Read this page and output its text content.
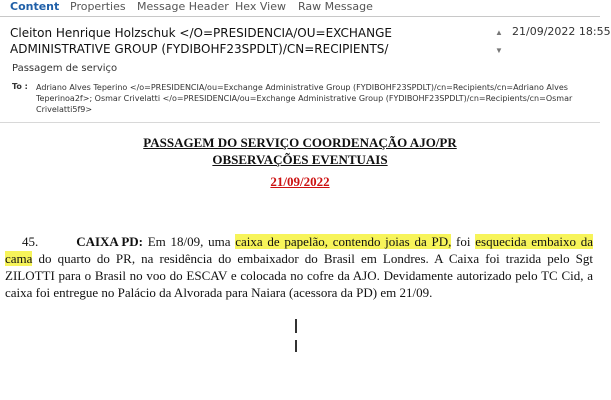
Content Properties Message Header Hex View Raw Message
Cleiton Henrique Holzschuk </O=PRESIDENCIA/OU=EXCHANGE ADMINISTRATIVE GROUP (FYDIBOHF23SPDLT)/CN=RECIPIENTS/
▲
▼
21/09/2022 18:55
Passagem de serviço
To : Adriano Alves Teperino </o=PRESIDENCIA/ou=Exchange Administrative Group (FYDIBOHF23SPDLT)/cn=Recipients/cn=Adriano Alves Teperinoa2f>; Osmar Crivelatti </o=PRESIDENCIA/ou=Exchange Administrative Group (FYDIBOHF23SPDLT)/cn=Recipients/cn=Osmar Crivelatti5f9>
PASSAGEM DO SERVIÇO COORDENAÇÃO AJO/PR
OBSERVAÇÕES EVENTUAIS
21/09/2022
45.	CAIXA PD: Em 18/09, uma caixa de papelão, contendo joias da PD, foi esquecida embaixo da cama do quarto do PR, na residência do embaixador do Brasil em Londres. A Caixa foi trazida pelo Sgt ZILOTTI para o Brasil no voo do ESCAV e colocada no cofre da AJO. Devidamente autorizado pelo TC Cid, a caixa foi entregue no Palácio da Alvorada para Naiara (acessora da PD) em 21/09.
